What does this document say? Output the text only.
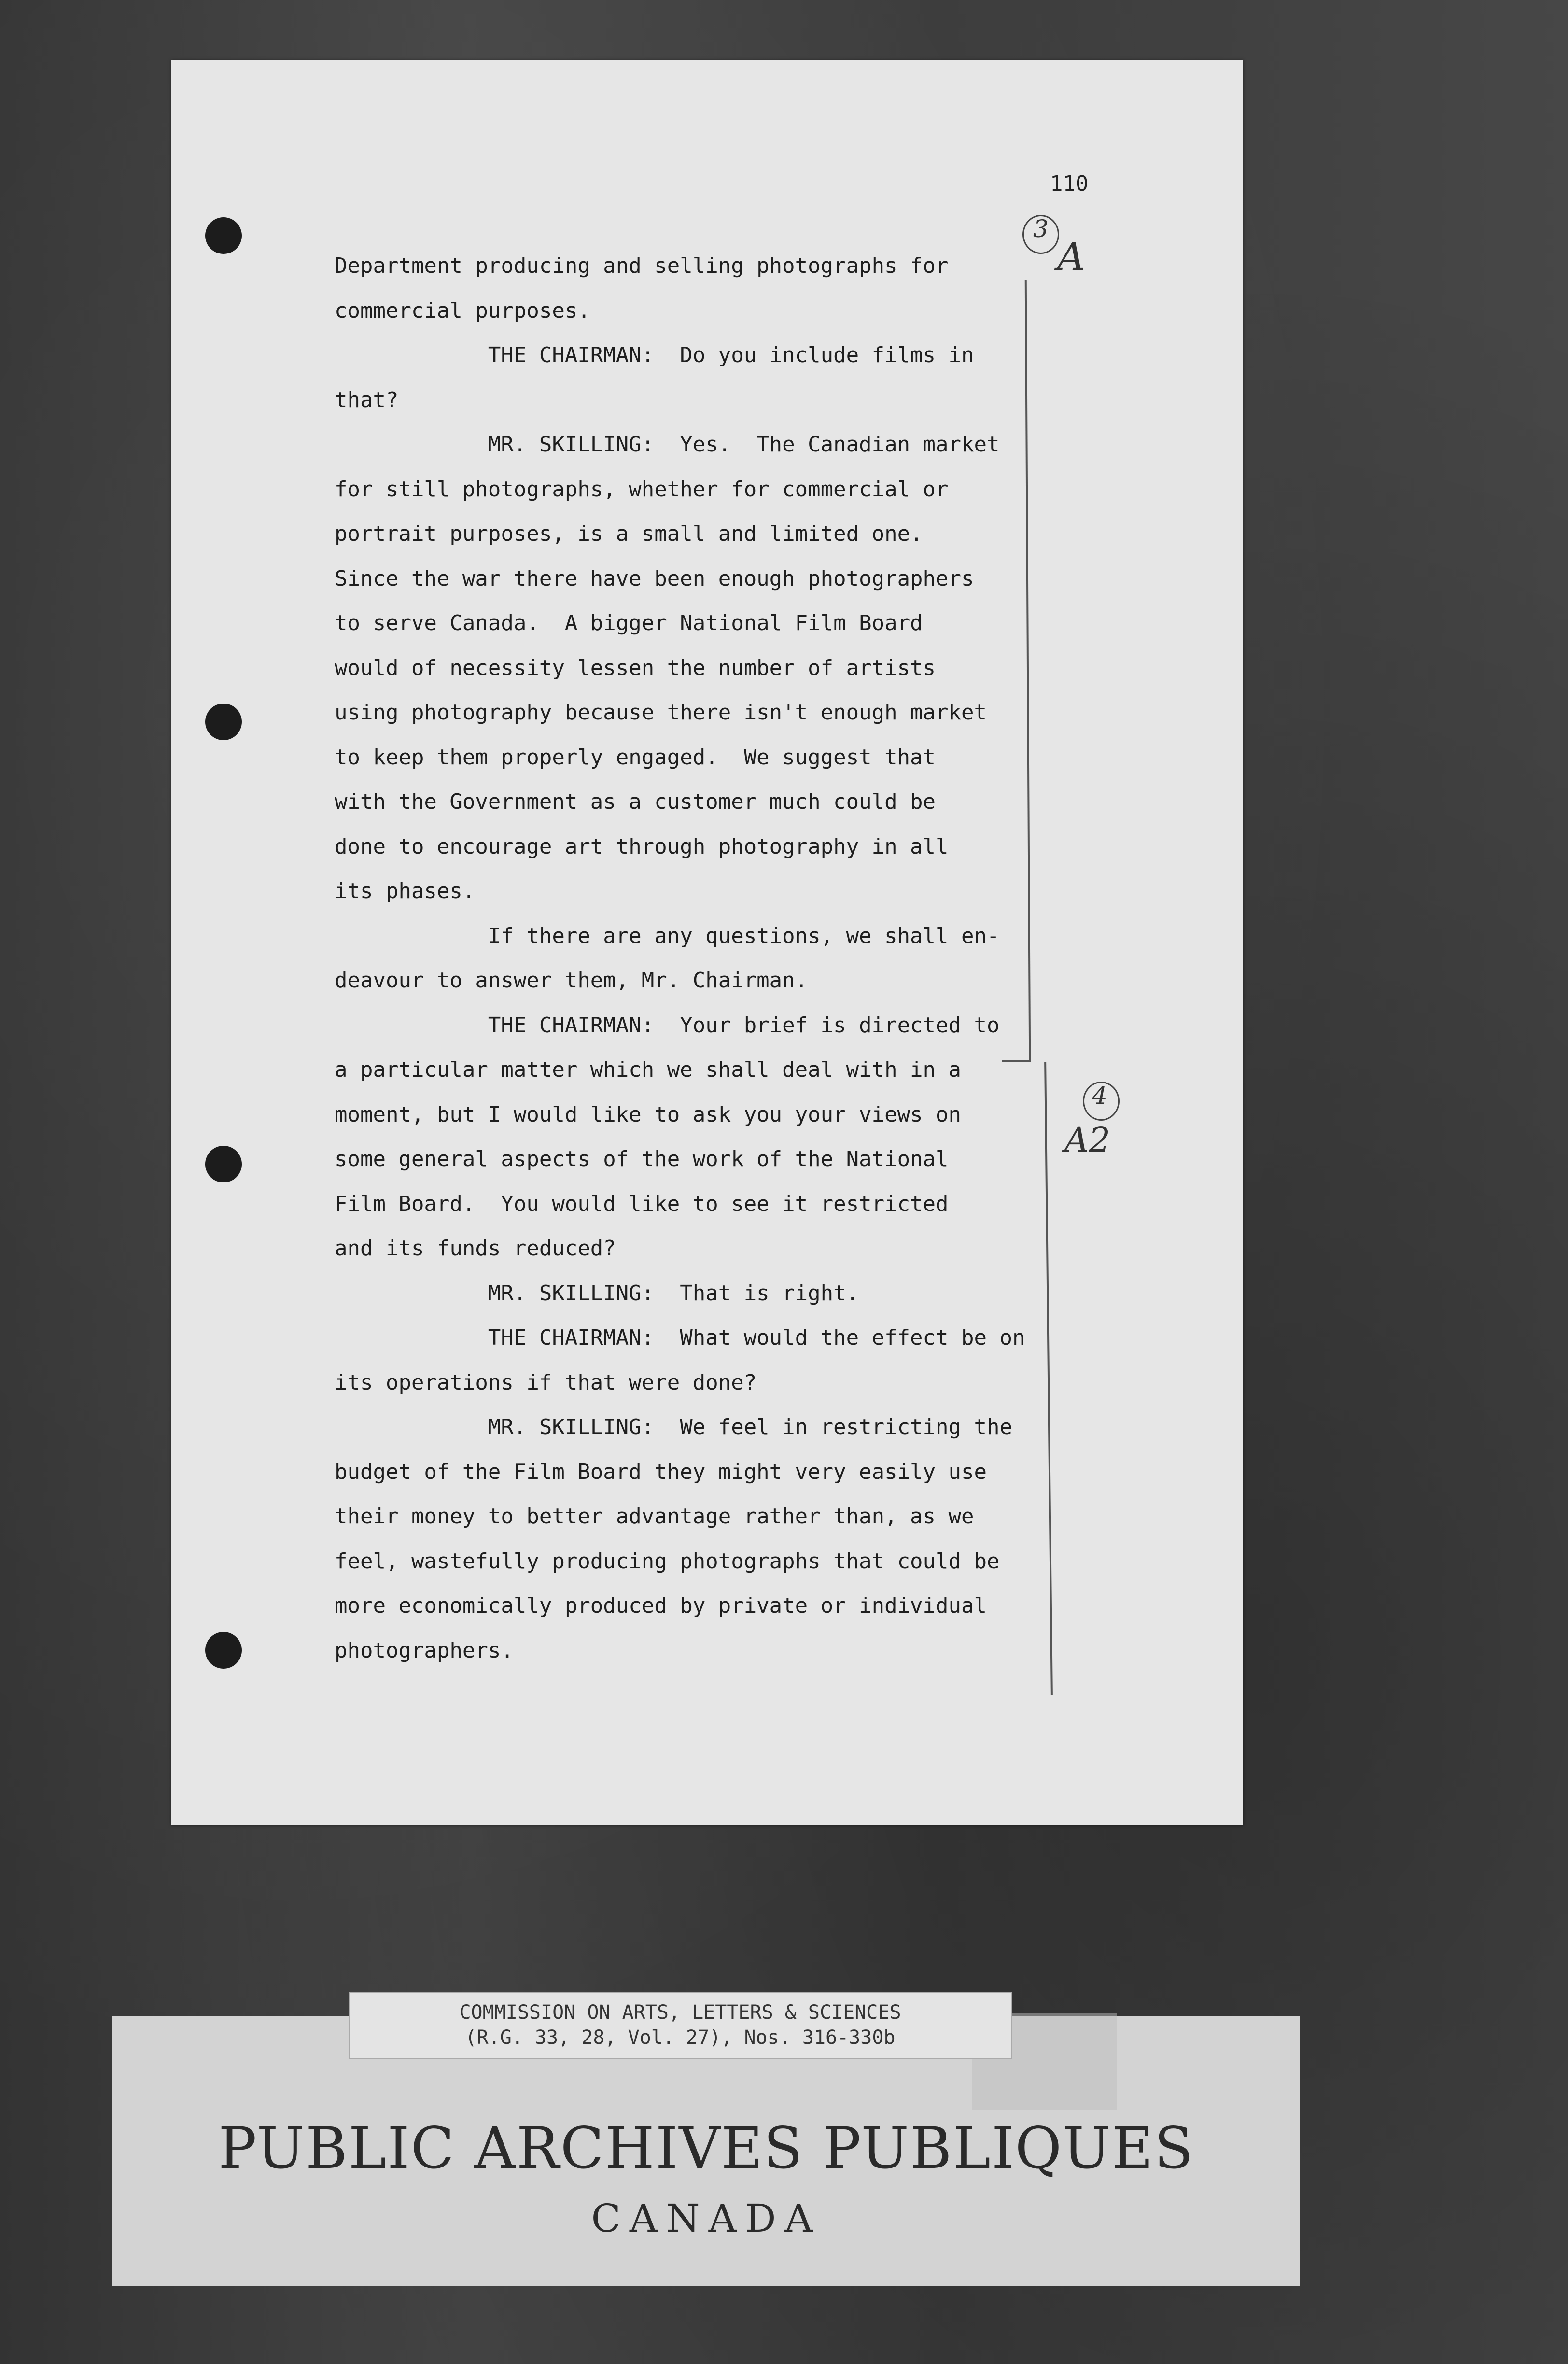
3
A
4
A2
110
Department producing and selling photographs for
commercial purposes.
THE CHAIRMAN:  Do you include films in
that?
MR. SKILLING:  Yes.  The Canadian market
for still photographs, whether for commercial or
portrait purposes, is a small and limited one.
Since the war there have been enough photographers
to serve Canada.  A bigger National Film Board
would of necessity lessen the number of artists
using photography because there isn't enough market
to keep them properly engaged.  We suggest that
with the Government as a customer much could be
done to encourage art through photography in all
its phases.
If there are any questions, we shall en-
deavour to answer them, Mr. Chairman.
THE CHAIRMAN:  Your brief is directed to
a particular matter which we shall deal with in a
moment, but I would like to ask you your views on
some general aspects of the work of the National
Film Board.  You would like to see it restricted
and its funds reduced?
MR. SKILLING:  That is right.
THE CHAIRMAN:  What would the effect be on
its operations if that were done?
MR. SKILLING:  We feel in restricting the
budget of the Film Board they might very easily use
their money to better advantage rather than, as we
feel, wastefully producing photographs that could be
more economically produced by private or individual
photographers.
COMMISSION ON ARTS, LETTERS & SCIENCES
(R.G. 33, 28, Vol. 27), Nos. 316-330b
PUBLIC ARCHIVES PUBLIQUES
CANADA
